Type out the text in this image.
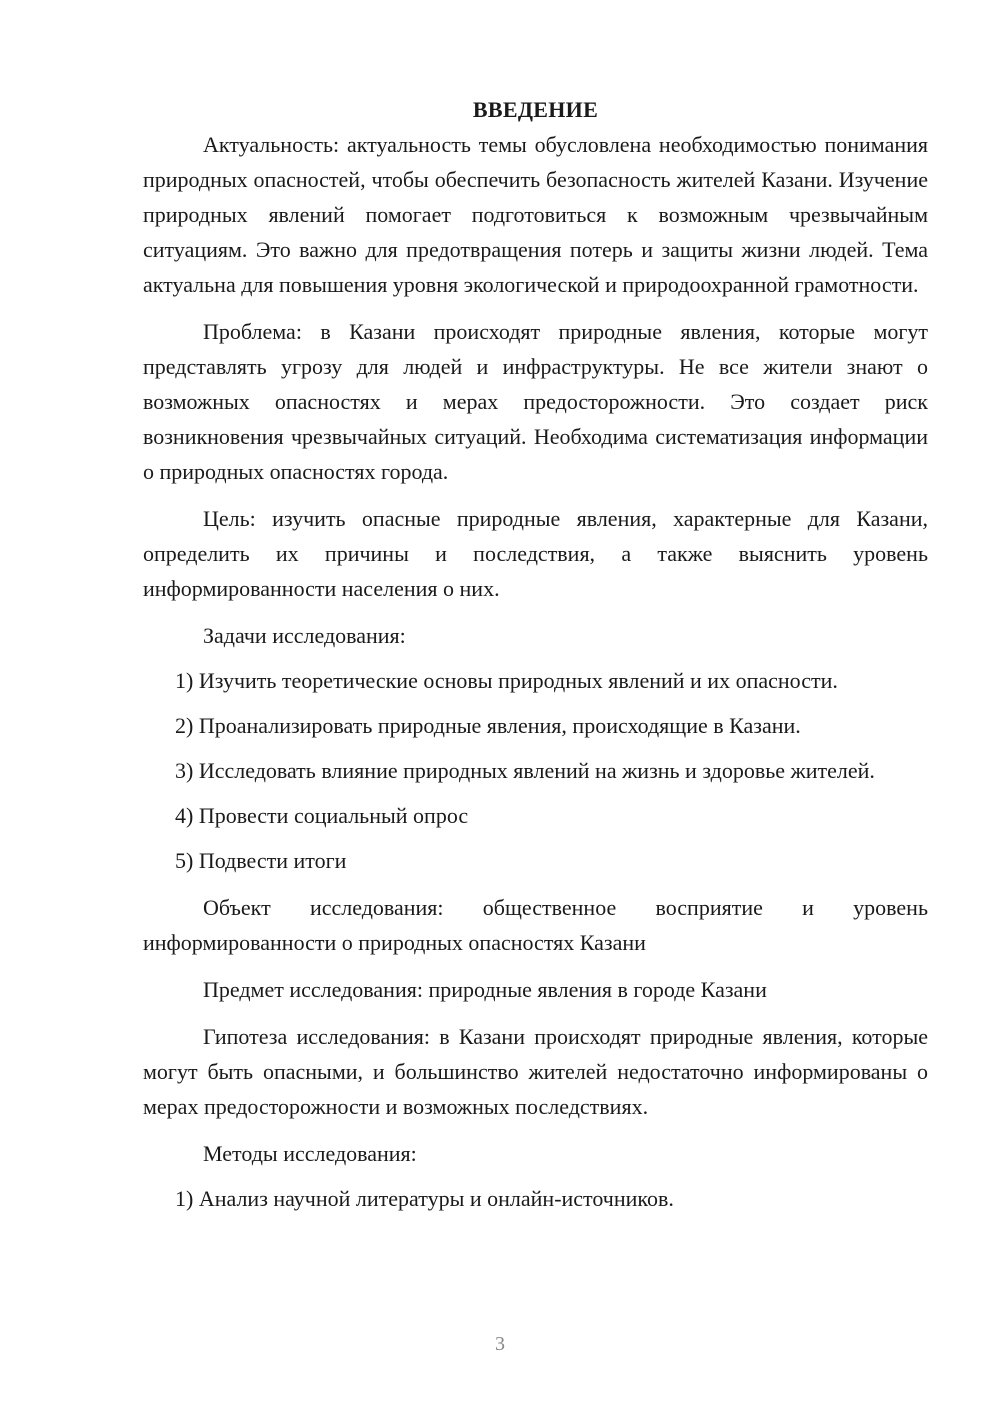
ВВЕДЕНИЕ

Актуальность: актуальность темы обусловлена необходимостью понимания природных опасностей, чтобы обеспечить безопасность жителей Казани. Изучение природных явлений помогает подготовиться к возможным чрезвычайным ситуациям. Это важно для предотвращения потерь и защиты жизни людей. Тема актуальна для повышения уровня экологической и природоохранной грамотности.

Проблема: в Казани происходят природные явления, которые могут представлять угрозу для людей и инфраструктуры. Не все жители знают о возможных опасностях и мерах предосторожности. Это создает риск возникновения чрезвычайных ситуаций. Необходима систематизация информации о природных опасностях города.

Цель: изучить опасные природные явления, характерные для Казани, определить их причины и последствия, а также выяснить уровень информированности населения о них.

Задачи исследования:

1) Изучить теоретические основы природных явлений и их опасности.

2) Проанализировать природные явления, происходящие в Казани.

3) Исследовать влияние природных явлений на жизнь и здоровье жителей.

4) Провести социальный опрос

5) Подвести итоги

Объект исследования: общественное восприятие и уровень информированности о природных опасностях Казани

Предмет исследования: природные явления в городе Казани

Гипотеза исследования: в Казани происходят природные явления, которые могут быть опасными, и большинство жителей недостаточно информированы о мерах предосторожности и возможных последствиях.

Методы исследования:

1) Анализ научной литературы и онлайн-источников.

3
